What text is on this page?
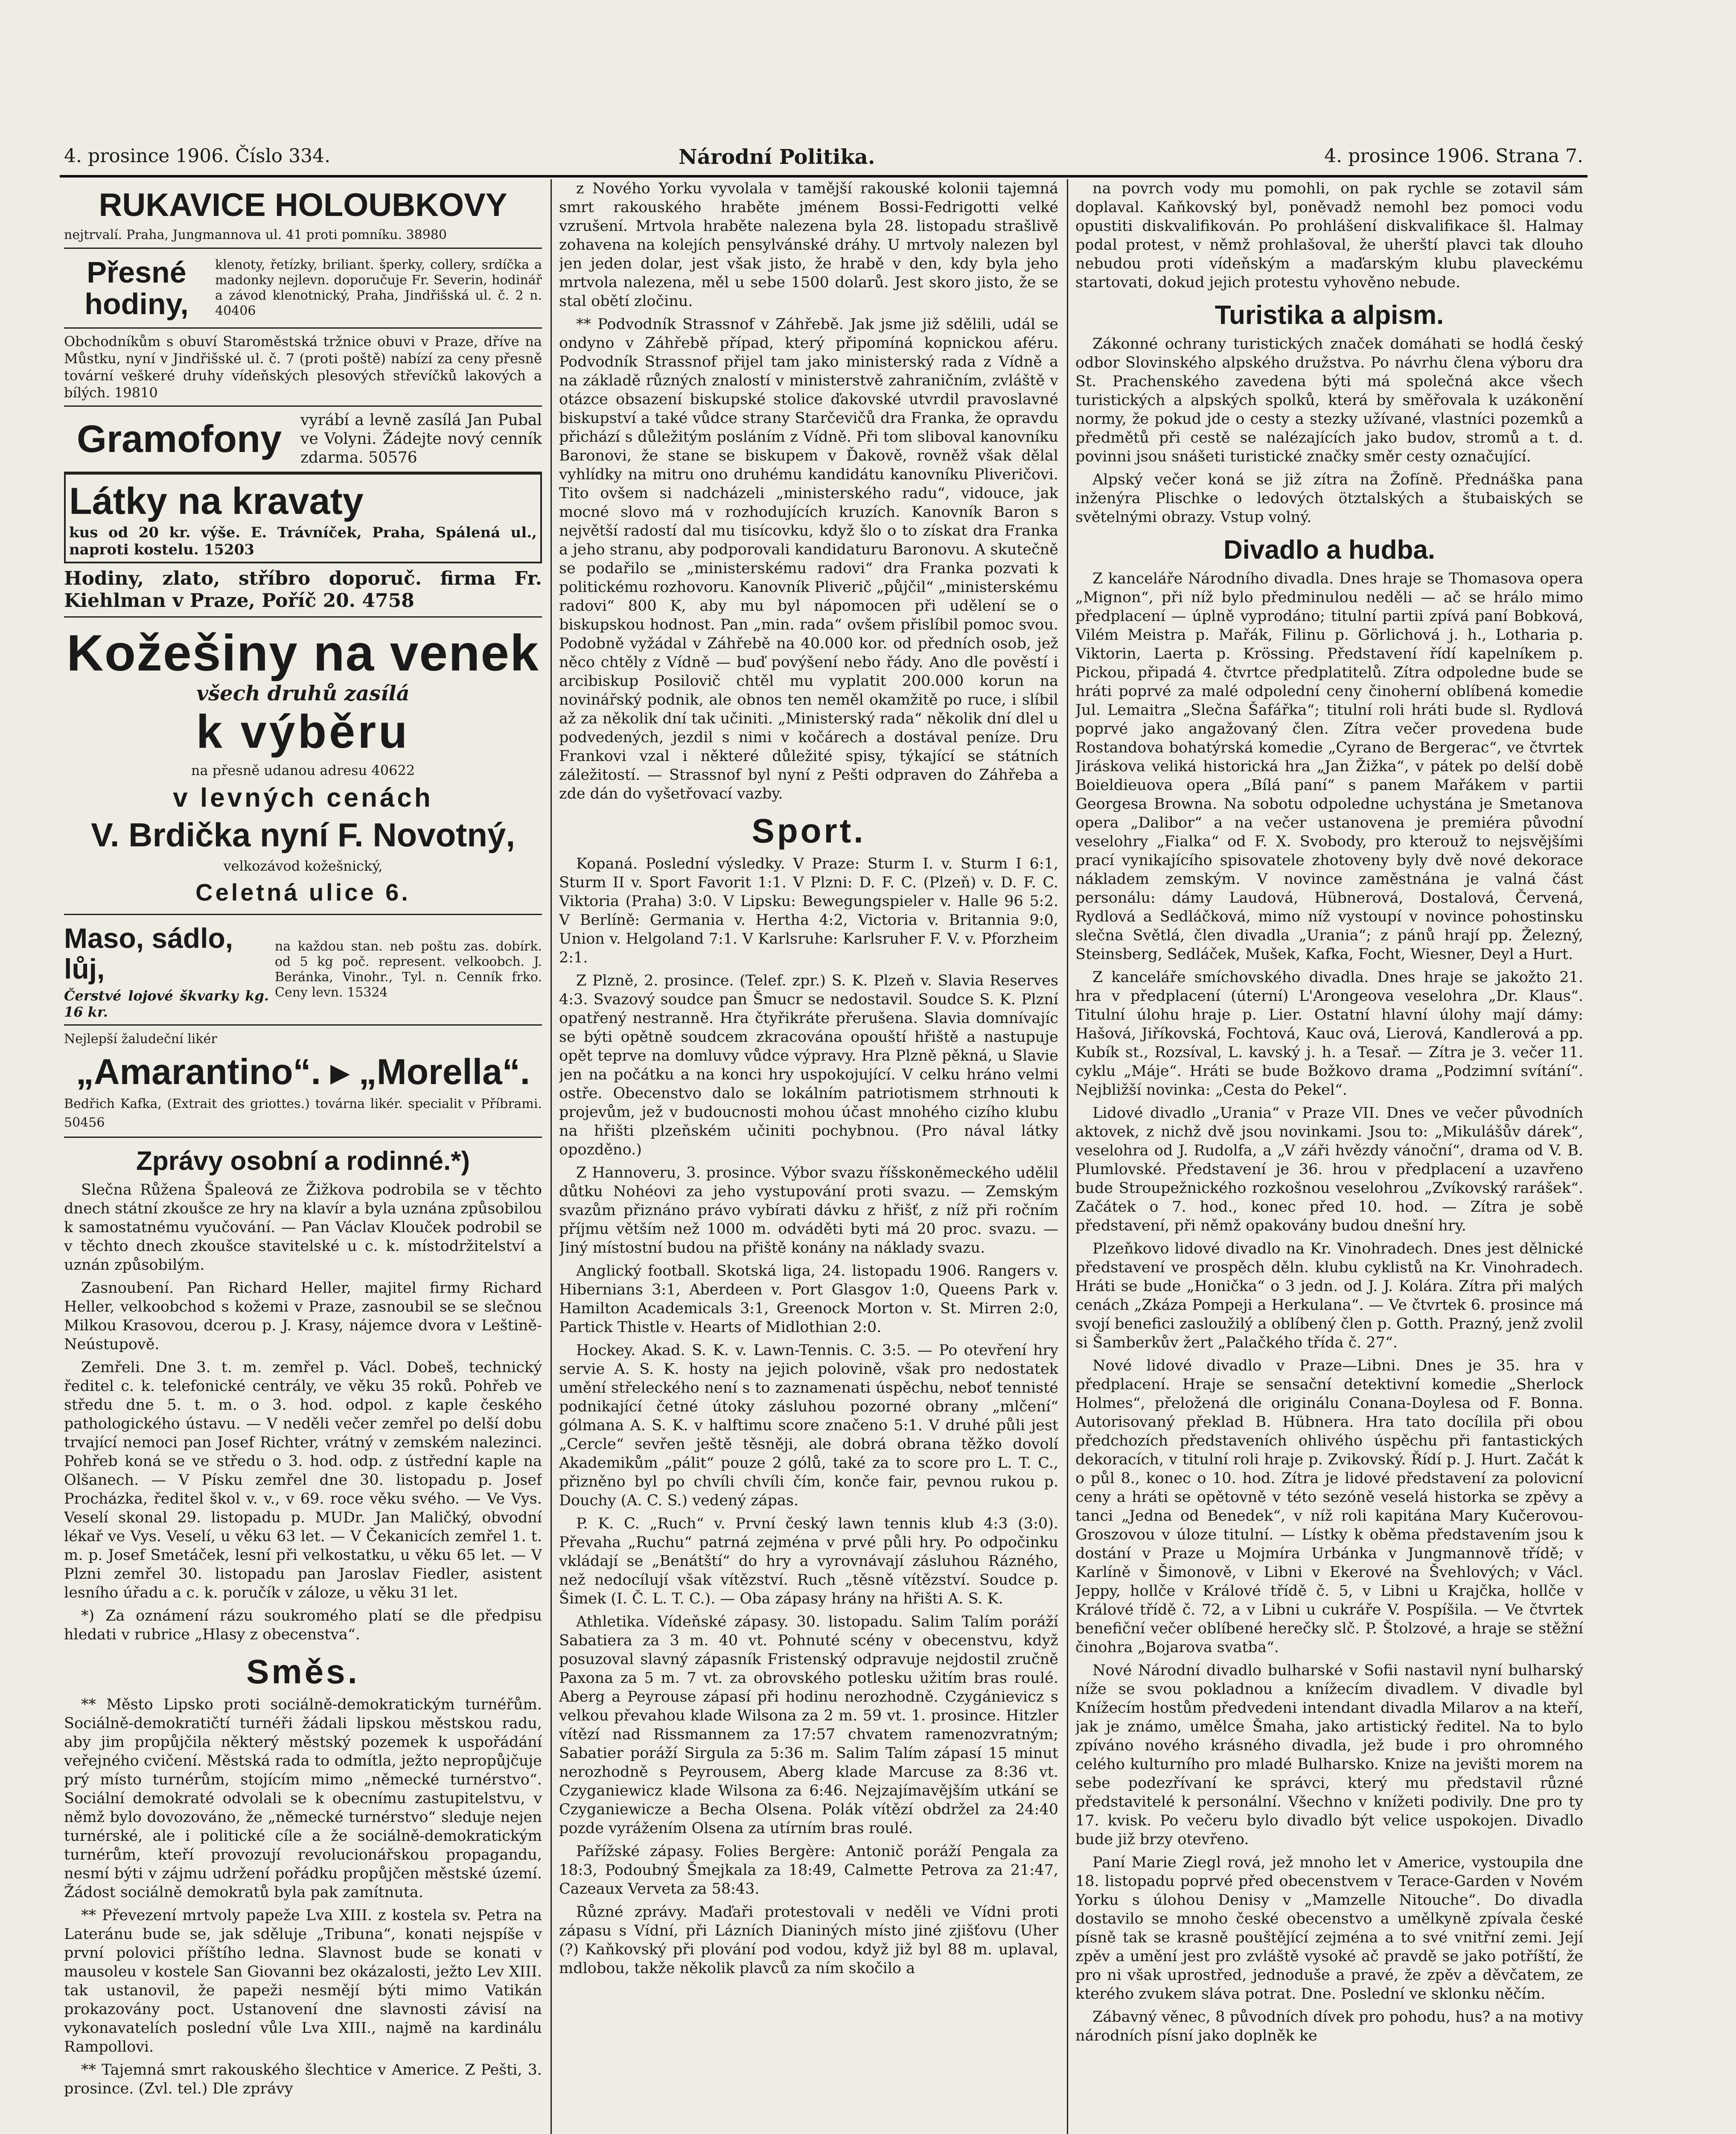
4. prosince 1906. Číslo 334.	Národní Politika.	4. prosince 1906. Strana 7.
RUKAVICE HOLOUBKOVY
nejtrvalí. Praha, Jungmannova ul. 41 proti pomníku. 38980
Přesné hodiny,
klenoty, řetízky, briliant. šperky, collery, srdíčka a madonky nejlevn. doporučuje Fr. Severin, hodinář a závod klenotnický, Praha, Jindřišská ul. č. 2 n. 40406
Obchodníkům s obuví Staroměstská tržnice obuvi v Praze, dříve na Můstku, nyní v Jindřišské ul. č. 7 (proti poště) nabízí za ceny přesně tovární veškeré druhy vídeňských plesových střevíčků lakových a bílých. 19810
Gramofony	vyrábí a levně zasílá Jan Pubal ve Volyni. Žádejte nový cenník zdarma. 50576
Látky na kravaty
kus od 20 kr. výše. E. Trávníček, Praha, Spálená ul., naproti kostelu. 15203
Hodiny, zlato, stříbro doporuč. firma Fr. Kiehlman v Praze, Poříč 20. 4758
Kožešiny na venek
všech druhů zasílá
k výběru
na přesně udanou adresu 40622
v levných cenách
V. Brdička nyní F. Novotný,
velkozávod kožešnický,
Celetná ulice 6.
Maso, sádlo, lůj,
Čerstvé lojové škvarky kg. 16 kr.
na každou stan. neb poštu zas. dobírk. od 5 kg poč. represent. velkoobch. J. Beránka, Vinohr., Tyl. n. Cenník frko. Ceny levn. 15324
Nejlepší žaludeční likér
„Amarantino“. ▸ „Morella“.
Bedřich Kafka, (Extrait des griottes.) továrna likér. specialit v Příbrami. 50456
Zprávy osobní a rodinné.*)

Slečna Růžena Špaleová ze Žižkova podrobila se v těchto dnech státní zkoušce ze hry na klavír a byla uznána způsobilou k samostatnému vyučování. — Pan Václav Klouček podrobil se v těchto dnech zkoušce stavitelské u c. k. místodržitelství a uznán způsobilým.

Zasnoubení. Pan Richard Heller, majitel firmy Richard Heller, velkoobchod s kožemi v Praze, zasnoubil se se slečnou Milkou Krasovou, dcerou p. J. Krasy, nájemce dvora v Leštině-Neústupově.

Zemřeli. Dne 3. t. m. zemřel p. Václ. Dobeš, technický ředitel c. k. telefonické centrály, ve věku 35 roků. Pohřeb ve středu dne 5. t. m. o 3. hod. odpol. z kaple českého pathologického ústavu. — V neděli večer zemřel po delší dobu trvající nemoci pan Josef Richter, vrátný v zemském nalezinci. Pohřeb koná se ve středu o 3. hod. odp. z ústřední kaple na Olšanech. — V Písku zemřel dne 30. listopadu p. Josef Procházka, ředitel škol v. v., v 69. roce věku svého. — Ve Vys. Veselí skonal 29. listopadu p. MUDr. Jan Maličký, obvodní lékař ve Vys. Veselí, u věku 63 let. — V Čekanicích zemřel 1. t. m. p. Josef Smetáček, lesní při velkostatku, u věku 65 let. — V Plzni zemřel 30. listopadu pan Jaroslav Fiedler, asistent lesního úřadu a c. k. poručík v záloze, u věku 31 let.

*) Za oznámení rázu soukromého platí se dle předpisu hledati v rubrice „Hlasy z obecenstva“.

Směs.

** Město Lipsko proti sociálně-demokratickým turnéřům. Sociálně-demokratičtí turnéři žádali lipskou městskou radu, aby jim propůjčila některý městský pozemek k uspořádání veřejného cvičení. Městská rada to odmítla, ježto nepropůjčuje prý místo turnérům, stojícím mimo „německé turnérstvo“. Sociální demokraté odvolali se k obecnímu zastupitelstvu, v němž bylo dovozováno, že „německé turnérstvo“ sleduje nejen turnérské, ale i politické cíle a že sociálně-demokratickým turnérům, kteří provozují revolucionářskou propagandu, nesmí býti v zájmu udržení pořádku propůjčen městské území. Žádost sociálně demokratů byla pak zamítnuta.

** Převezení mrtvoly papeže Lva XIII. z kostela sv. Petra na Lateránu bude se, jak sděluje „Tribuna“, konati nejspíše v první polovici příštího ledna. Slavnost bude se konati v mausoleu v kostele San Giovanni bez okázalosti, ježto Lev XIII. tak ustanovil, že papeži nesmějí býti mimo Vatikán prokazovány poct. Ustanovení dne slavnosti závisí na vykonavatelích poslední vůle Lva XIII., najmě na kardinálu Rampollovi.

** Tajemná smrt rakouského šlechtice v Americe. Z Pešti, 3. prosince. (Zvl. tel.) Dle zprávy

z Nového Yorku vyvolala v tamější rakouské kolonii tajemná smrt rakouského hraběte jménem Bossi-Fedrigotti velké vzrušení. Mrtvola hraběte nalezena byla 28. listopadu strašlivě zohavena na kolejích pensylvánské dráhy. U mrtvoly nalezen byl jen jeden dolar, jest však jisto, že hrabě v den, kdy byla jeho mrtvola nalezena, měl u sebe 1500 dolarů. Jest skoro jisto, že se stal obětí zločinu.

** Podvodník Strassnof v Záhřebě. Jak jsme již sdělili, udál se ondyno v Záhřebě případ, který připomíná kopnickou aféru. Podvodník Strassnof přijel tam jako ministerský rada z Vídně a na základě různých znalostí v ministerstvě zahraničním, zvláště v otázce obsazení biskupské stolice ďakovské utvrdil pravoslavné biskupství a také vůdce strany Starčevičů dra Franka, že opravdu přichází s důležitým posláním z Vídně. Při tom sliboval kanovníku Baronovi, že stane se biskupem v Ďakově, rovněž však dělal vyhlídky na mitru ono druhému kandidátu kanovníku Pliveričovi. Tito ovšem si nadcházeli „ministerského radu“, vidouce, jak mocné slovo má v rozhodujících kruzích. Kanovník Baron s největší radostí dal mu tisícovku, když šlo o to získat dra Franka a jeho stranu, aby podporovali kandidaturu Baronovu. A skutečně se podařilo se „ministerskému radovi“ dra Franka pozvati k politickému rozhovoru. Kanovník Pliverič „půjčil“ „ministerskému radovi“ 800 K, aby mu byl nápomocen při udělení se o biskupskou hodnost. Pan „min. rada“ ovšem přislíbil pomoc svou. Podobně vyžádal v Záhřebě na 40.000 kor. od předních osob, jež něco chtěly z Vídně — buď povýšení nebo řády. Ano dle pověstí i arcibiskup Posilovič chtěl mu vyplatit 200.000 korun na novinářský podnik, ale obnos ten neměl okamžitě po ruce, i slíbil až za několik dní tak učiniti. „Ministerský rada“ několik dní dlel u podvedených, jezdil s nimi v kočárech a dostával peníze. Dru Frankovi vzal i některé důležité spisy, týkající se státních záležitostí. — Strassnof byl nyní z Pešti odpraven do Záhřeba a zde dán do vyšetřovací vazby.

Sport.

Kopaná. Poslední výsledky. V Praze: Sturm I. v. Sturm I 6:1, Sturm II v. Sport Favorit 1:1. V Plzni: D. F. C. (Plzeň) v. D. F. C. Viktoria (Praha) 3:0. V Lipsku: Bewegungspieler v. Halle 96 5:2. V Berlíně: Germania v. Hertha 4:2, Victoria v. Britannia 9:0, Union v. Helgoland 7:1. V Karlsruhe: Karlsruher F. V. v. Pforzheim 2:1.

Z Plzně, 2. prosince. (Telef. zpr.) S. K. Plzeň v. Slavia Reserves 4:3. Svazový soudce pan Šmucr se nedostavil. Soudce S. K. Plzní opatřený nestranně. Hra čtyřikráte přerušena. Slavia domnívajíc se býti opětně soudcem zkracována opouští hřiště a nastupuje opět teprve na domluvy vůdce výpravy. Hra Plzně pěkná, u Slavie jen na počátku a na konci hry uspokojující. V celku hráno velmi ostře. Obecenstvo dalo se lokálním patriotismem strhnouti k projevům, jež v budoucnosti mohou účast mnohého cizího klubu na hřišti plzeňském učiniti pochybnou. (Pro nával látky opozděno.)

Z Hannoveru, 3. prosince. Výbor svazu říšskoněmeckého udělil důtku Nohéovi za jeho vystupování proti svazu. — Zemským svazům přiznáno právo vybírati dávku z hřišť, z níž při ročním příjmu větším než 1000 m. odváděti byti má 20 proc. svazu. — Jiný místostní budou na přiště konány na náklady svazu.

Anglický football. Skotská liga, 24. listopadu 1906. Rangers v. Hibernians 3:1, Aberdeen v. Port Glasgov 1:0, Queens Park v. Hamilton Academicals 3:1, Greenock Morton v. St. Mirren 2:0, Partick Thistle v. Hearts of Midlothian 2:0.

Hockey. Akad. S. K. v. Lawn-Tennis. C. 3:5. — Po otevření hry servie A. S. K. hosty na jejich polovině, však pro nedostatek umění střeleckého není s to zaznamenati úspěchu, neboť tennisté podnikající četné útoky zásluhou pozorné obrany „mlčení“ gólmana A. S. K. v halftimu score značeno 5:1. V druhé půli jest „Cercle“ sevřen ještě těsněji, ale dobrá obrana těžko dovolí Akademikům „pálit“ pouze 2 gólů, také za to score pro L. T. C., přizněno byl po chvíli chvíli čím, konče fair, pevnou rukou p. Douchy (A. C. S.) vedený zápas.

P. K. C. „Ruch“ v. První český lawn tennis klub 4:3 (3:0). Převaha „Ruchu“ patrná zejména v prvé půli hry. Po odpočinku vkládají se „Benátští“ do hry a vyrovnávají zásluhou Rázného, než nedocílují však vítězství. Ruch „těsně vítězství. Soudce p. Šimek (I. Č. L. T. C.). — Oba zápasy hrány na hřišti A. S. K.

Athletika. Vídeňské zápasy. 30. listopadu. Salim Talím poráží Sabatiera za 3 m. 40 vt. Pohnuté scény v obecenstvu, když posuzoval slavný zápasník Fristenský odpravuje nejdostil zručně Paxona za 5 m. 7 vt. za obrovského potlesku užitím bras roulé. Aberg a Peyrouse zápasí při hodinu nerozhodně. Czygánievicz s velkou převahou klade Wilsona za 2 m. 59 vt. 1. prosince. Hitzler vítězí nad Rissmannem za 17:57 chvatem ramenozvratným; Sabatier poráží Sirgula za 5:36 m. Salim Talím zápasí 15 minut nerozhodně s Peyrousem, Aberg klade Marcuse za 8:36 vt. Czyganiewicz klade Wilsona za 6:46. Nejzajímavějším utkání se Czyganiewicze a Becha Olsena. Polák vítězí obdržel za 24:40 pozde vyrážením Olsena za utírním bras roulé.

Pařížské zápasy. Folies Bergère: Antonič poráží Pengala za 18:3, Podoubný Šmejkala za 18:49, Calmette Petrova za 21:47, Cazeaux Verveta za 58:43.

Různé zprávy. Maďaři protestovali v neděli ve Vídni proti zápasu s Vídní, při Lázních Dianiných místo jiné zjišťovu (Uher (?) Kaňkovský při plování pod vodou, když již byl 88 m. uplaval, mdlobou, takže několik plavců za ním skočilo a

na povrch vody mu pomohli, on pak rychle se zotavil sám doplaval. Kaňkovský byl, poněvadž nemohl bez pomoci vodu opustiti diskvalifikován. Po prohlášení diskvalifikace šl. Halmay podal protest, v němž prohlašoval, že uherští plavci tak dlouho nebudou proti vídeňským a maďarským klubu plaveckému startovati, dokud jejich protestu vyhověno nebude.

Turistika a alpism.

Zákonné ochrany turistických značek domáhati se hodlá český odbor Slovinského alpského družstva. Po návrhu člena výboru dra St. Prachenského zavedena býti má společná akce všech turistických a alpských spolků, která by směřovala k uzákonění normy, že pokud jde o cesty a stezky užívané, vlastníci pozemků a předmětů při cestě se nalézajících jako budov, stromů a t. d. povinni jsou snášeti turistické značky směr cesty označující.

Alpský večer koná se již zítra na Žofíně. Přednáška pana inženýra Plischke o ledových ötztalských a štubaiských se světelnými obrazy. Vstup volný.

Divadlo a hudba.

Z kanceláře Národního divadla. Dnes hraje se Thomasova opera „Mignon“, při níž bylo předminulou neděli — ač se hrálo mimo předplacení — úplně vyprodáno; titulní partii zpívá paní Bobková, Vilém Meistra p. Mařák, Filinu p. Görlichová j. h., Lotharia p. Viktorin, Laerta p. Krössing. Představení řídí kapelníkem p. Pickou, připadá 4. čtvrtce předplatitelů. Zítra odpoledne bude se hráti poprvé za malé odpolední ceny činoherní oblíbená komedie Jul. Lemaitra „Slečna Šafářka“; titulní roli hráti bude sl. Rydlová poprvé jako angažovaný člen. Zítra večer provedena bude Rostandova bohatýrská komedie „Cyrano de Bergerac“, ve čtvrtek Jiráskova veliká historická hra „Jan Žižka“, v pátek po delší době Boieldieuova opera „Bílá paní“ s panem Mařákem v partii Georgesa Browna. Na sobotu odpoledne uchystána je Smetanova opera „Dalibor“ a na večer ustanovena je premiéra původní veselohry „Fialka“ od F. X. Svobody, pro kterouž to nejsvějšími prací vynikajícího spisovatele zhotoveny byly dvě nové dekorace nákladem zemským. V novince zaměstnána je valná část personálu: dámy Laudová, Hübnerová, Dostalová, Červená, Rydlová a Sedláčková, mimo níž vystoupí v novince pohostinsku slečna Světlá, člen divadla „Urania“; z pánů hrají pp. Železný, Steinsberg, Sedláček, Mušek, Kafka, Focht, Wiesner, Deyl a Hurt.

Z kanceláře smíchovského divadla. Dnes hraje se jakožto 21. hra v předplacení (úterní) L'Arongeova veselohra „Dr. Klaus“. Titulní úlohu hraje p. Lier. Ostatní hlavní úlohy mají dámy: Hašová, Jiříkovská, Fochtová, Kauc ová, Lierová, Kandlerová a pp. Kubík st., Rozsíval, L. kavský j. h. a Tesař. — Zítra je 3. večer 11. cyklu „Máje“. Hráti se bude Božkovo drama „Podzimní svítání“. Nejbližší novinka: „Cesta do Pekel“.

Lidové divadlo „Urania“ v Praze VII. Dnes ve večer původních aktovek, z nichž dvě jsou novinkami. Jsou to: „Mikulášův dárek“, veselohra od J. Rudolfa, a „V záři hvězdy vánoční“, drama od V. B. Plumlovské. Představení je 36. hrou v předplacení a uzavřeno bude Stroupežnického rozkošnou veselohrou „Zvíkovský rarášek“. Začátek o 7. hod., konec před 10. hod. — Zítra je sobě představení, při němž opakovány budou dnešní hry.

Plzeňkovo lidové divadlo na Kr. Vinohradech. Dnes jest dělnické představení ve prospěch děln. klubu cyklistů na Kr. Vinohradech. Hráti se bude „Honička“ o 3 jedn. od J. J. Kolára. Zítra při malých cenách „Zkáza Pompeji a Herkulana“. — Ve čtvrtek 6. prosince má svojí benefici zasloužilý a oblíbený člen p. Gotth. Prazný, jenž zvolil si Šamberkův žert „Palačkého třída č. 27“.

Nové lidové divadlo v Praze—Libni. Dnes je 35. hra v předplacení. Hraje se sensační detektivní komedie „Sherlock Holmes“, přeložená dle originálu Conana-Doylesa od F. Bonna. Autorisovaný překlad B. Hübnera. Hra tato docílila při obou předchozích představeních ohlivého úspěchu při fantastických dekoracích, v titulní roli hraje p. Zvikovský. Řídí p. J. Hurt. Začát k o půl 8., konec o 10. hod. Zítra je lidové představení za polovicní ceny a hráti se opětovně v této sezóně veselá historka se zpěvy a tanci „Jedna od Benedek“, v níž roli kapitána Mary Kučerovou-Groszovou v úloze titulní. — Lístky k oběma představením jsou k dostání v Praze u Mojmíra Urbánka v Jungmannově třídě; v Karlíně v Šimonově, v Libni v Ekerové na Švehlových; v Václ. Jeppy, hollče v Králové třídě č. 5, v Libni u Krajčka, hollče v Králové třídě č. 72, a v Libni u cukráře V. Pospíšila. — Ve čtvrtek benefiční večer oblíbené herečky slč. P. Štolzové, a hraje se stěžní činohra „Bojarova svatba“.

Nové Národní divadlo bulharské v Sofii nastavil nyní bulharský níže se svou pokladnou a knížecím divadlem. V divadle byl Knížecím hostům předvedeni intendant divadla Milarov a na kteří, jak je známo, umělce Šmaha, jako artistický ředitel. Na to bylo zpíváno nového krásného divadla, jež bude i pro ohromného celého kulturního pro mladé Bulharsko. Knize na jevišti morem na sebe podezřívaní ke správci, který mu představil různé představitelé k personální. Všechno v knížeti podivily. Dne pro ty 17. kvisk. Po večeru bylo divadlo být velice uspokojen. Divadlo bude již brzy otevřeno.

Paní Marie Ziegl rová, jež mnoho let v Americe, vystoupila dne 18. listopadu poprvé před obecenstvem v Terace-Garden v Novém Yorku s úlohou Denisy v „Mamzelle Nitouche“. Do divadla dostavilo se mnoho české obecenstvo a umělkyně zpívala české písně tak se krasně pouštějící zejména a to své vnitřní zemi. Její zpěv a umění jest pro zvláště vysoké ač pravdě se jako potříští, že pro ni však uprostřed, jednoduše a pravé, že zpěv a děvčatem, ze kterého zvukem sláva potrat. Dne. Poslední ve sklonku něčím.

Zábavný věnec, 8 původních dívek pro pohodu, hus? a na motivy národních písní jako doplněk ke
